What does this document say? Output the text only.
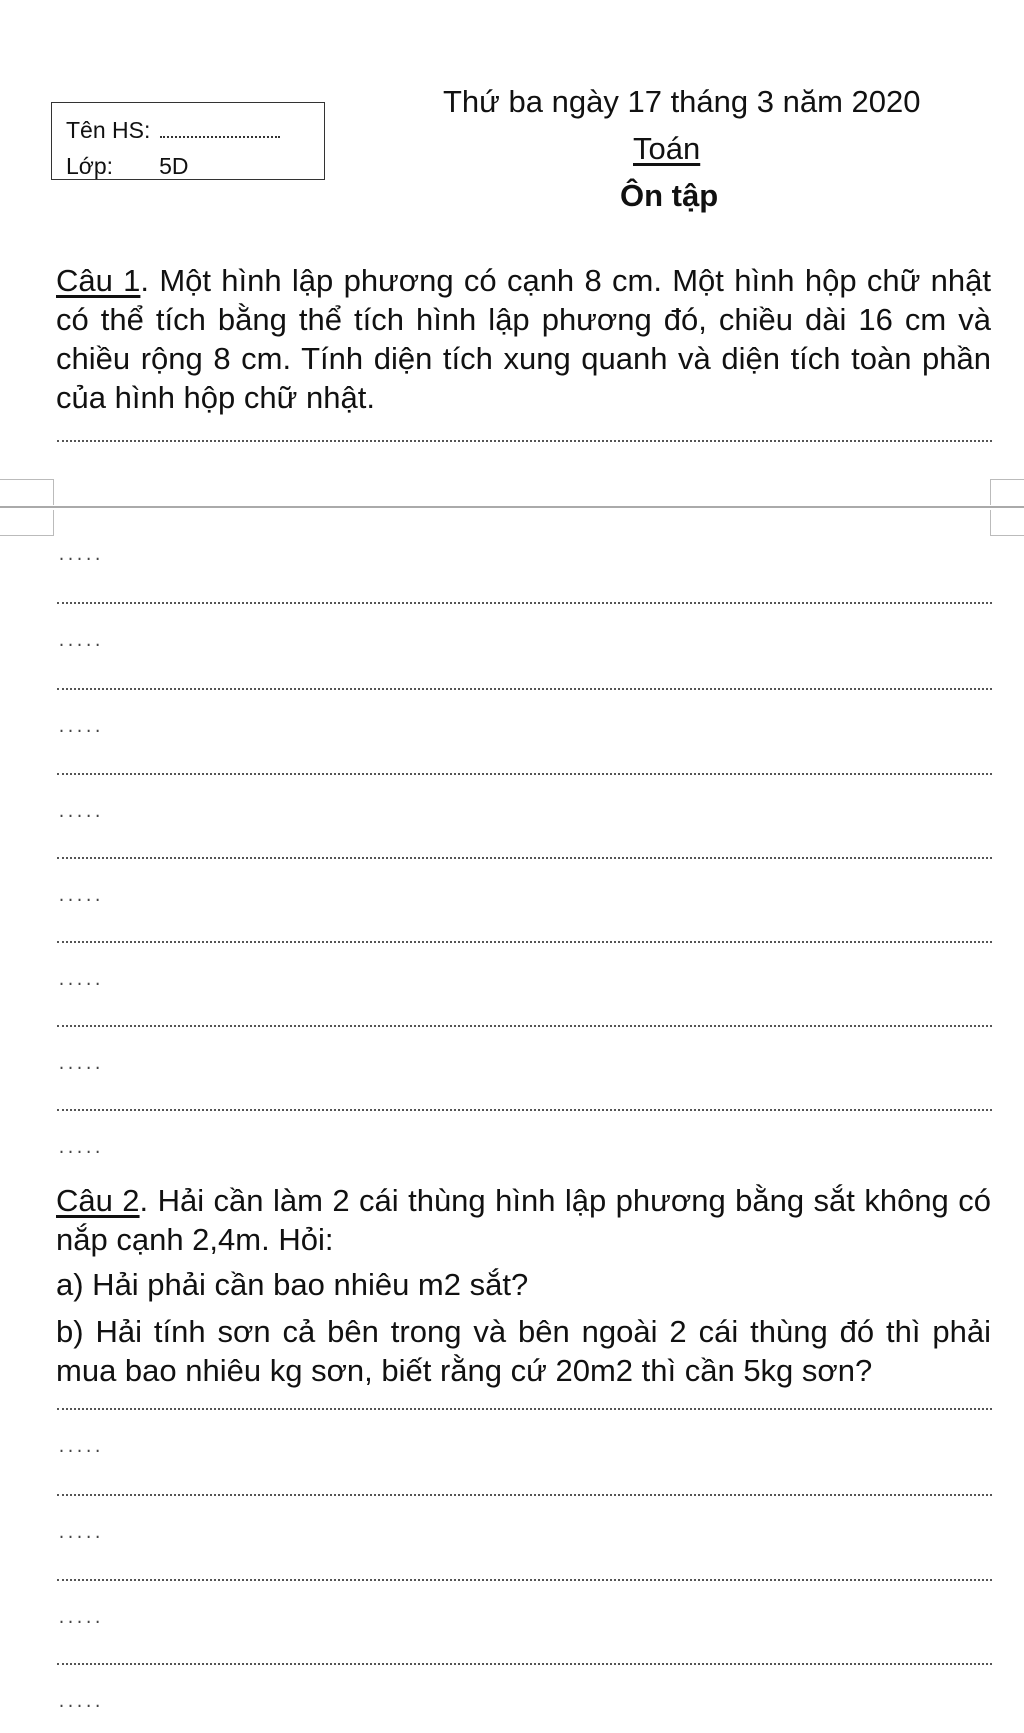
Tên HS:
Lớp: 5D
Thứ ba ngày 17 tháng 3 năm 2020
Toán
Ôn tập
Câu 1. Một hình lập phương có cạnh 8 cm. Một hình hộp chữ nhật có thể tích bằng thể tích hình lập phương đó, chiều dài 16 cm và chiều rộng 8 cm. Tính diện tích xung quanh và diện tích toàn phần của hình hộp chữ nhật.
.....
.....
.....
.....
.....
.....
.....
.....
Câu 2. Hải cần làm 2 cái thùng hình lập phương bằng sắt không có nắp cạnh 2,4m. Hỏi:
a) Hải phải cần bao nhiêu m2 sắt?
b) Hải tính sơn cả bên trong và bên ngoài 2 cái thùng đó thì phải mua bao nhiêu kg sơn, biết rằng cứ 20m2 thì cần 5kg sơn?
.....
.....
.....
.....
